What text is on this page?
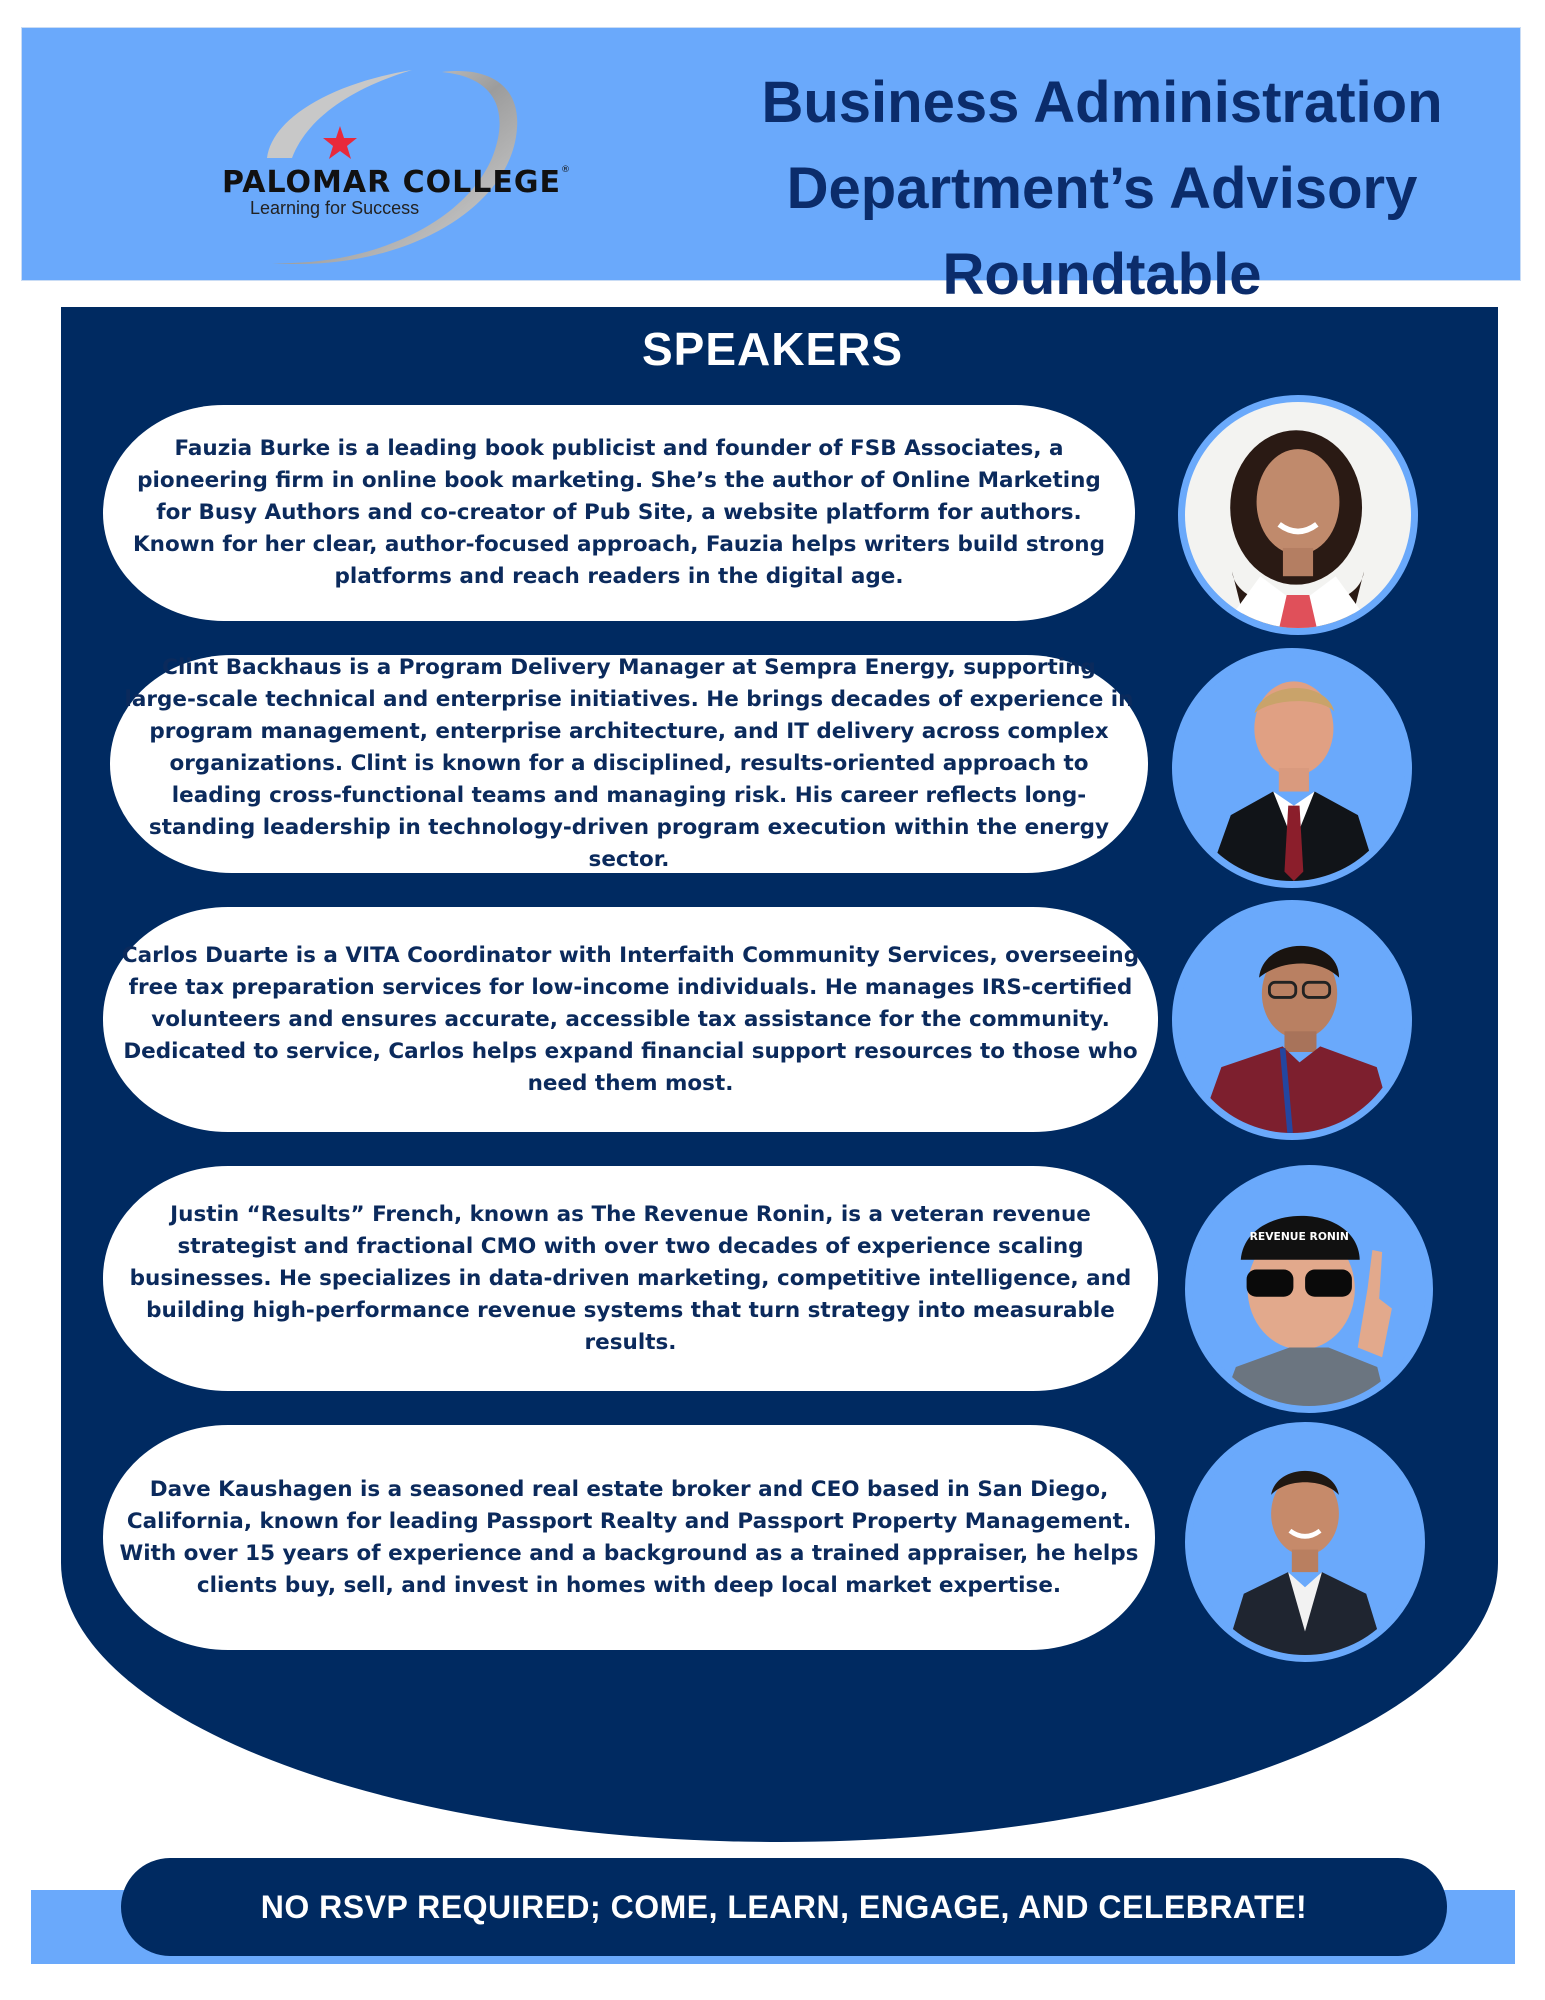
PALOMAR COLLEGE®
Learning for Success
Business Administration
Department’s Advisory
Roundtable
SPEAKERS

Fauzia Burke is a leading book publicist and founder of FSB Associates, a pioneering firm in online book marketing. She’s the author of Online Marketing for Busy Authors and co-creator of Pub Site, a website platform for authors. Known for her clear, author-focused approach, Fauzia helps writers build strong platforms and reach readers in the digital age.

Clint Backhaus is a Program Delivery Manager at Sempra Energy, supporting large-scale technical and enterprise initiatives. He brings decades of experience in program management, enterprise architecture, and IT delivery across complex organizations. Clint is known for a disciplined, results-oriented approach to leading cross-functional teams and managing risk. His career reflects long-standing leadership in technology-driven program execution within the energy sector.

Carlos Duarte is a VITA Coordinator with Interfaith Community Services, overseeing free tax preparation services for low-income individuals. He manages IRS-certified volunteers and ensures accurate, accessible tax assistance for the community. Dedicated to service, Carlos helps expand financial support resources to those who need them most.

Justin “Results” French, known as The Revenue Ronin, is a veteran revenue strategist and fractional CMO with over two decades of experience scaling businesses. He specializes in data-driven marketing, competitive intelligence, and building high-performance revenue systems that turn strategy into measurable results.

REVENUE RONIN

Dave Kaushagen is a seasoned real estate broker and CEO based in San Diego, California, known for leading Passport Realty and Passport Property Management. With over 15 years of experience and a background as a trained appraiser, he helps clients buy, sell, and invest in homes with deep local market expertise.

NO RSVP REQUIRED; COME, LEARN, ENGAGE, AND CELEBRATE!
